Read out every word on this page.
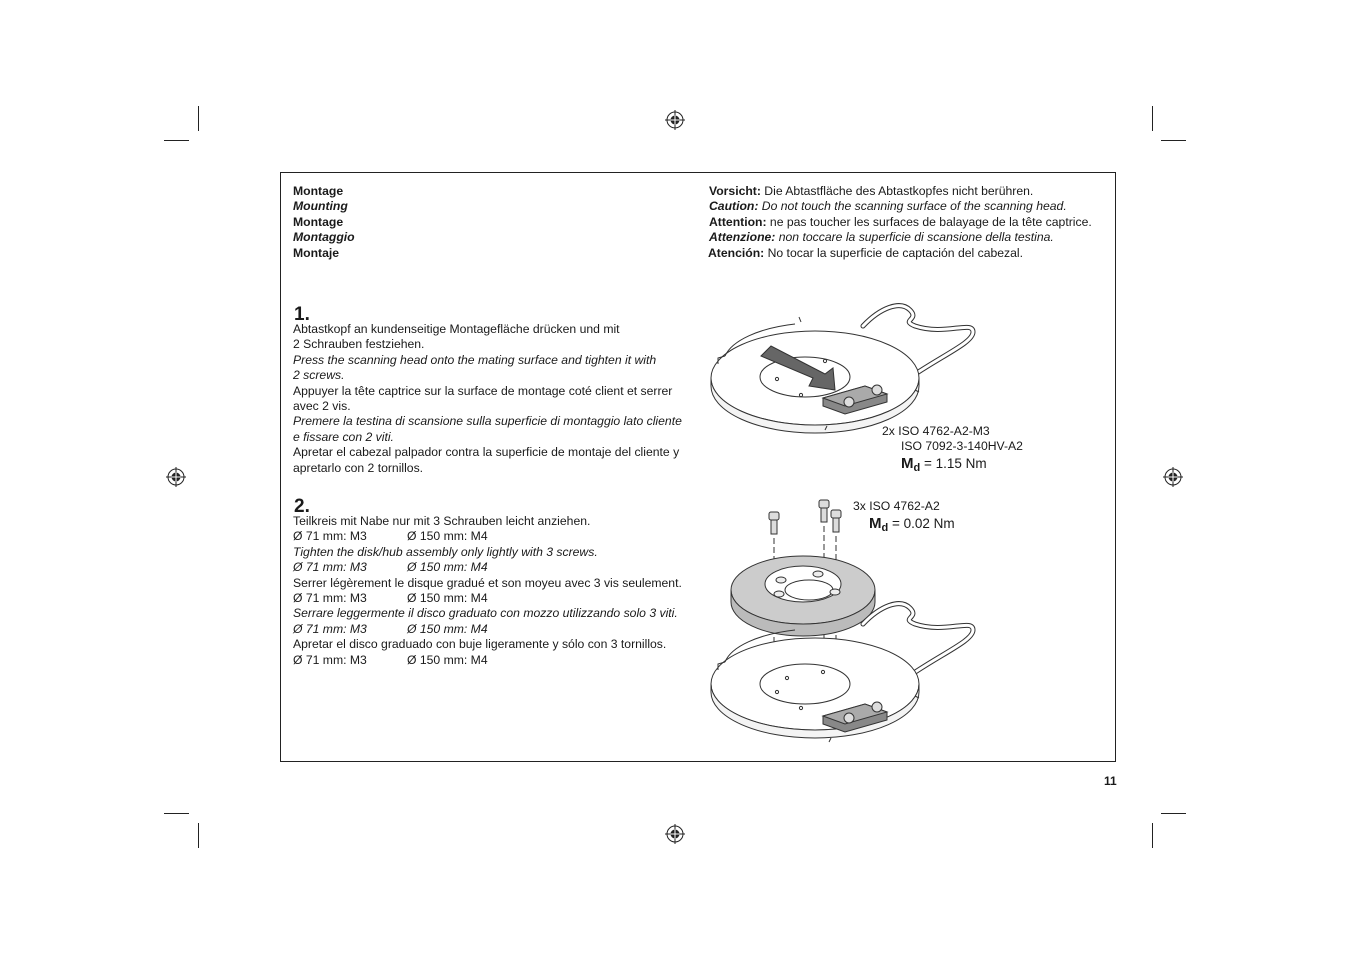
Montage
Mounting
Montage
Montaggio
Montaje
Vorsicht: Die Abtastfläche des Abtastkopfes nicht berühren.
Caution: Do not touch the scanning surface of the scanning head.
Attention: ne pas toucher les surfaces de balayage de la tête captrice.
Attenzione: non toccare la superficie di scansione della testina.
Atención: No tocar la superficie de captación del cabezal.
1.
Abtastkopf an kundenseitige Montagefläche drücken und mit
2 Schrauben festziehen.
Press the scanning head onto the mating surface and tighten it with
2 screws.
Appuyer la tête captrice sur la surface de montage coté client et serrer
avec 2 vis.
Premere la testina di scansione sulla superficie di montaggio lato cliente
e fissare con 2 viti.
Apretar el cabezal palpador contra la superficie de montaje del cliente y
apretarlo con 2 tornillos.
2.
Teilkreis mit Nabe nur mit 3 Schrauben leicht anziehen.
Ø 71 mm: M3	Ø 150 mm: M4
Tighten the disk/hub assembly only lightly with 3 screws.
Ø 71 mm: M3	Ø 150 mm: M4
Serrer légèrement le disque gradué et son moyeu avec 3 vis seulement.
Ø 71 mm: M3	Ø 150 mm: M4
Serrare leggermente il disco graduato con mozzo utilizzando solo 3 viti.
Ø 71 mm: M3	Ø 150 mm: M4
Apretar el disco graduado con buje ligeramente y sólo con 3 tornillos.
Ø 71 mm: M3	Ø 150 mm: M4
2x ISO 4762-A2-M3
ISO 7092-3-140HV-A2
$M_d = 1.15$ Nm
3x ISO 4762-A2
$M_d = 0.02$ Nm
11
